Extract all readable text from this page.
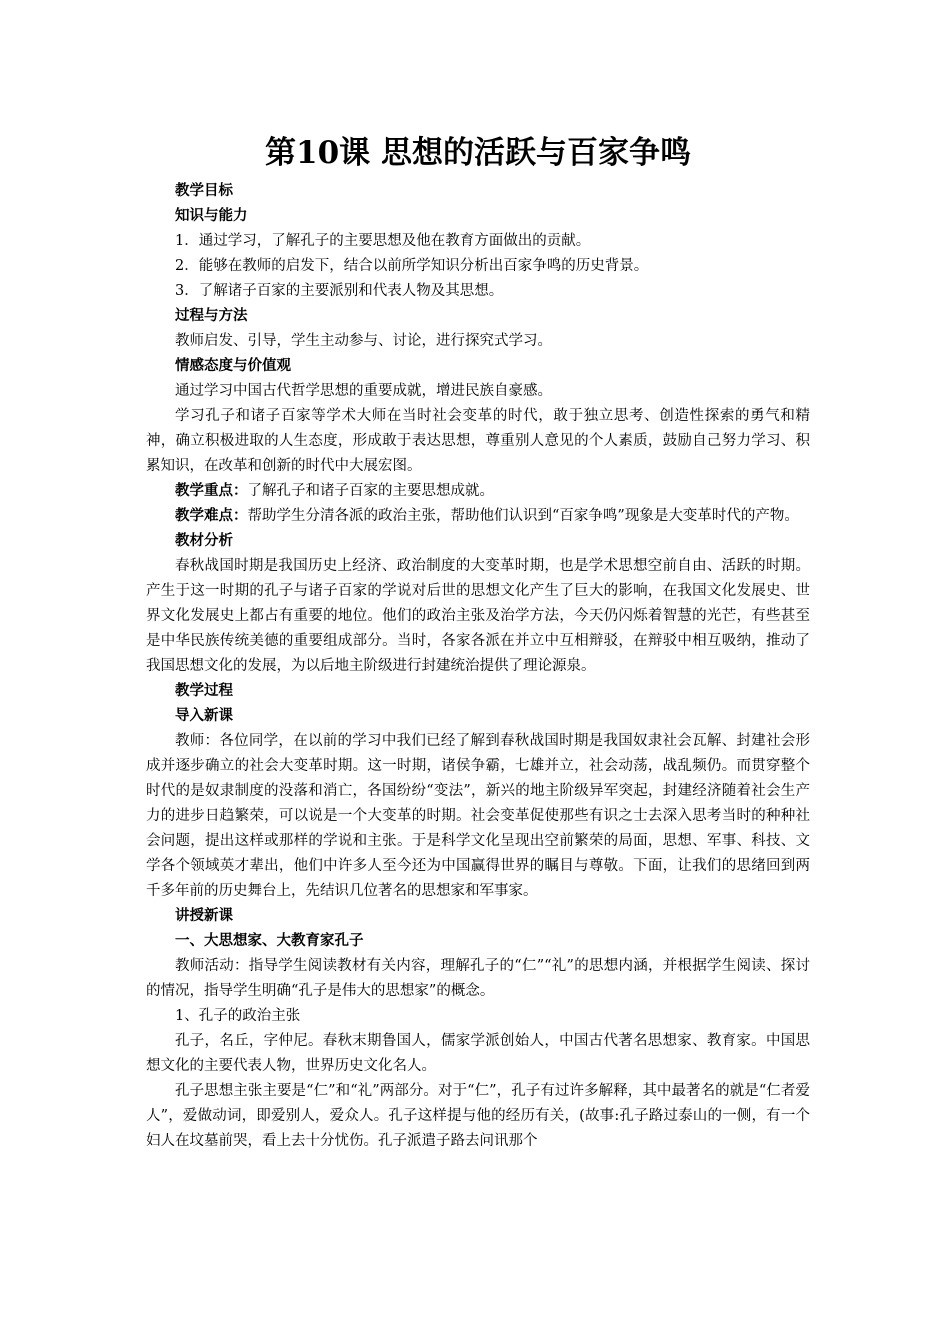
第10课 思想的活跃与百家争鸣

教学目标

知识与能力

1．通过学习，了解孔子的主要思想及他在教育方面做出的贡献。

2．能够在教师的启发下，结合以前所学知识分析出百家争鸣的历史背景。

3．了解诸子百家的主要派别和代表人物及其思想。

过程与方法

教师启发、引导，学生主动参与、讨论，进行探究式学习。

情感态度与价值观

通过学习中国古代哲学思想的重要成就，增进民族自豪感。

学习孔子和诸子百家等学术大师在当时社会变革的时代，敢于独立思考、创造性探索的勇气和精神，确立积极进取的人生态度，形成敢于表达思想，尊重别人意见的个人素质，鼓励自己努力学习、积累知识，在改革和创新的时代中大展宏图。

教学重点：了解孔子和诸子百家的主要思想成就。

教学难点：帮助学生分清各派的政治主张，帮助他们认识到“百家争鸣”现象是大变革时代的产物。

教材分析

春秋战国时期是我国历史上经济、政治制度的大变革时期，也是学术思想空前自由、活跃的时期。产生于这一时期的孔子与诸子百家的学说对后世的思想文化产生了巨大的影响，在我国文化发展史、世界文化发展史上都占有重要的地位。他们的政治主张及治学方法，今天仍闪烁着智慧的光芒，有些甚至是中华民族传统美德的重要组成部分。当时，各家各派在并立中互相辩驳，在辩驳中相互吸纳，推动了我国思想文化的发展，为以后地主阶级进行封建统治提供了理论源泉。

教学过程

导入新课

教师：各位同学，在以前的学习中我们已经了解到春秋战国时期是我国奴隶社会瓦解、封建社会形成并逐步确立的社会大变革时期。这一时期，诸侯争霸，七雄并立，社会动荡，战乱频仍。而贯穿整个时代的是奴隶制度的没落和消亡，各国纷纷“变法”，新兴的地主阶级异军突起，封建经济随着社会生产力的进步日趋繁荣，可以说是一个大变革的时期。社会变革促使那些有识之士去深入思考当时的种种社会问题，提出这样或那样的学说和主张。于是科学文化呈现出空前繁荣的局面，思想、军事、科技、文学各个领域英才辈出，他们中许多人至今还为中国赢得世界的瞩目与尊敬。下面，让我们的思绪回到两千多年前的历史舞台上，先结识几位著名的思想家和军事家。

讲授新课

一、大思想家、大教育家孔子

教师活动：指导学生阅读教材有关内容，理解孔子的“仁”“礼”的思想内涵，并根据学生阅读、探讨的情况，指导学生明确“孔子是伟大的思想家”的概念。

1、孔子的政治主张

孔子，名丘，字仲尼。春秋末期鲁国人，儒家学派创始人，中国古代著名思想家、教育家。中国思想文化的主要代表人物，世界历史文化名人。

孔子思想主张主要是“仁”和“礼”两部分。对于“仁”，孔子有过许多解释，其中最著名的就是“仁者爱人”，爱做动词，即爱别人，爱众人。孔子这样提与他的经历有关，(故事:孔子路过泰山的一侧，有一个妇人在坟墓前哭，看上去十分忧伤。孔子派遣子路去问讯那个
